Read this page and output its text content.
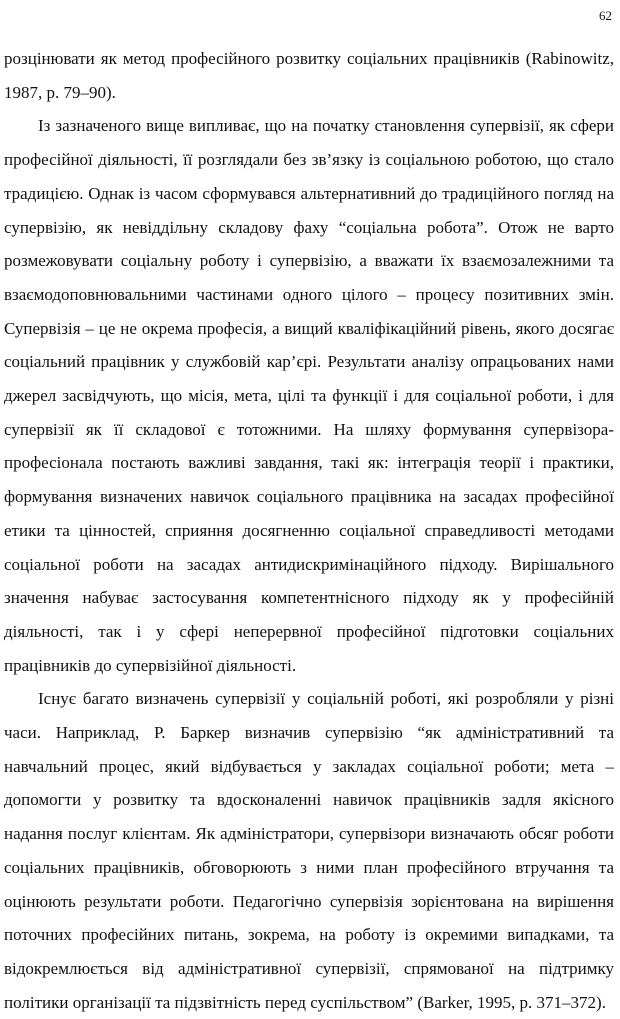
62

розцінювати як метод професійного розвитку соціальних працівників (Rabinowitz, 1987, р. 79–90).

Із зазначеного вище випливає, що на початку становлення супервізії, як сфери професійної діяльності, її розглядали без зв’язку із соціальною роботою, що стало традицією. Однак із часом сформувався альтернативний до традиційного погляд на супервізію, як невіддільну складову фаху “соціальна робота”. Отож не варто розмежовувати соціальну роботу і супервізію, а вважати їх взаємозалежними та взаємодоповнювальними частинами одного цілого – процесу позитивних змін. Супервізія – це не окрема професія, а вищий кваліфікаційний рівень, якого досягає соціальний працівник у службовій кар’єрі. Результати аналізу опрацьованих нами джерел засвідчують, що місія, мета, цілі та функції і для соціальної роботи, і для супервізії як її складової є тотожними. На шляху формування супервізора-професіонала постають важливі завдання, такі як: інтеграція теорії і практики, формування визначених навичок соціального працівника на засадах професійної етики та цінностей, сприяння досягненню соціальної справедливості методами соціальної роботи на засадах антидискримінаційного підходу. Вирішального значення набуває застосування компетентнісного підходу як у професійній діяльності, так і у сфері неперервної професійної підготовки соціальних працівників до супервізійної діяльності.

Існує багато визначень супервізії у соціальній роботі, які розробляли у різні часи. Наприклад, Р. Баркер визначив супервізію “як адміністративний та навчальний процес, який відбувається у закладах соціальної роботи; мета – допомогти у розвитку та вдосконаленні навичок працівників задля якісного надання послуг клієнтам. Як адміністратори, супервізори визначають обсяг роботи соціальних працівників, обговорюють з ними план професійного втручання та оцінюють результати роботи. Педагогічно супервізія зорієнтована на вирішення поточних професійних питань, зокрема, на роботу із окремими випадками, та відокремлюється від адміністративної супервізії, спрямованої на підтримку політики організації та підзвітність перед суспільством” (Barker, 1995, р. 371–372).
